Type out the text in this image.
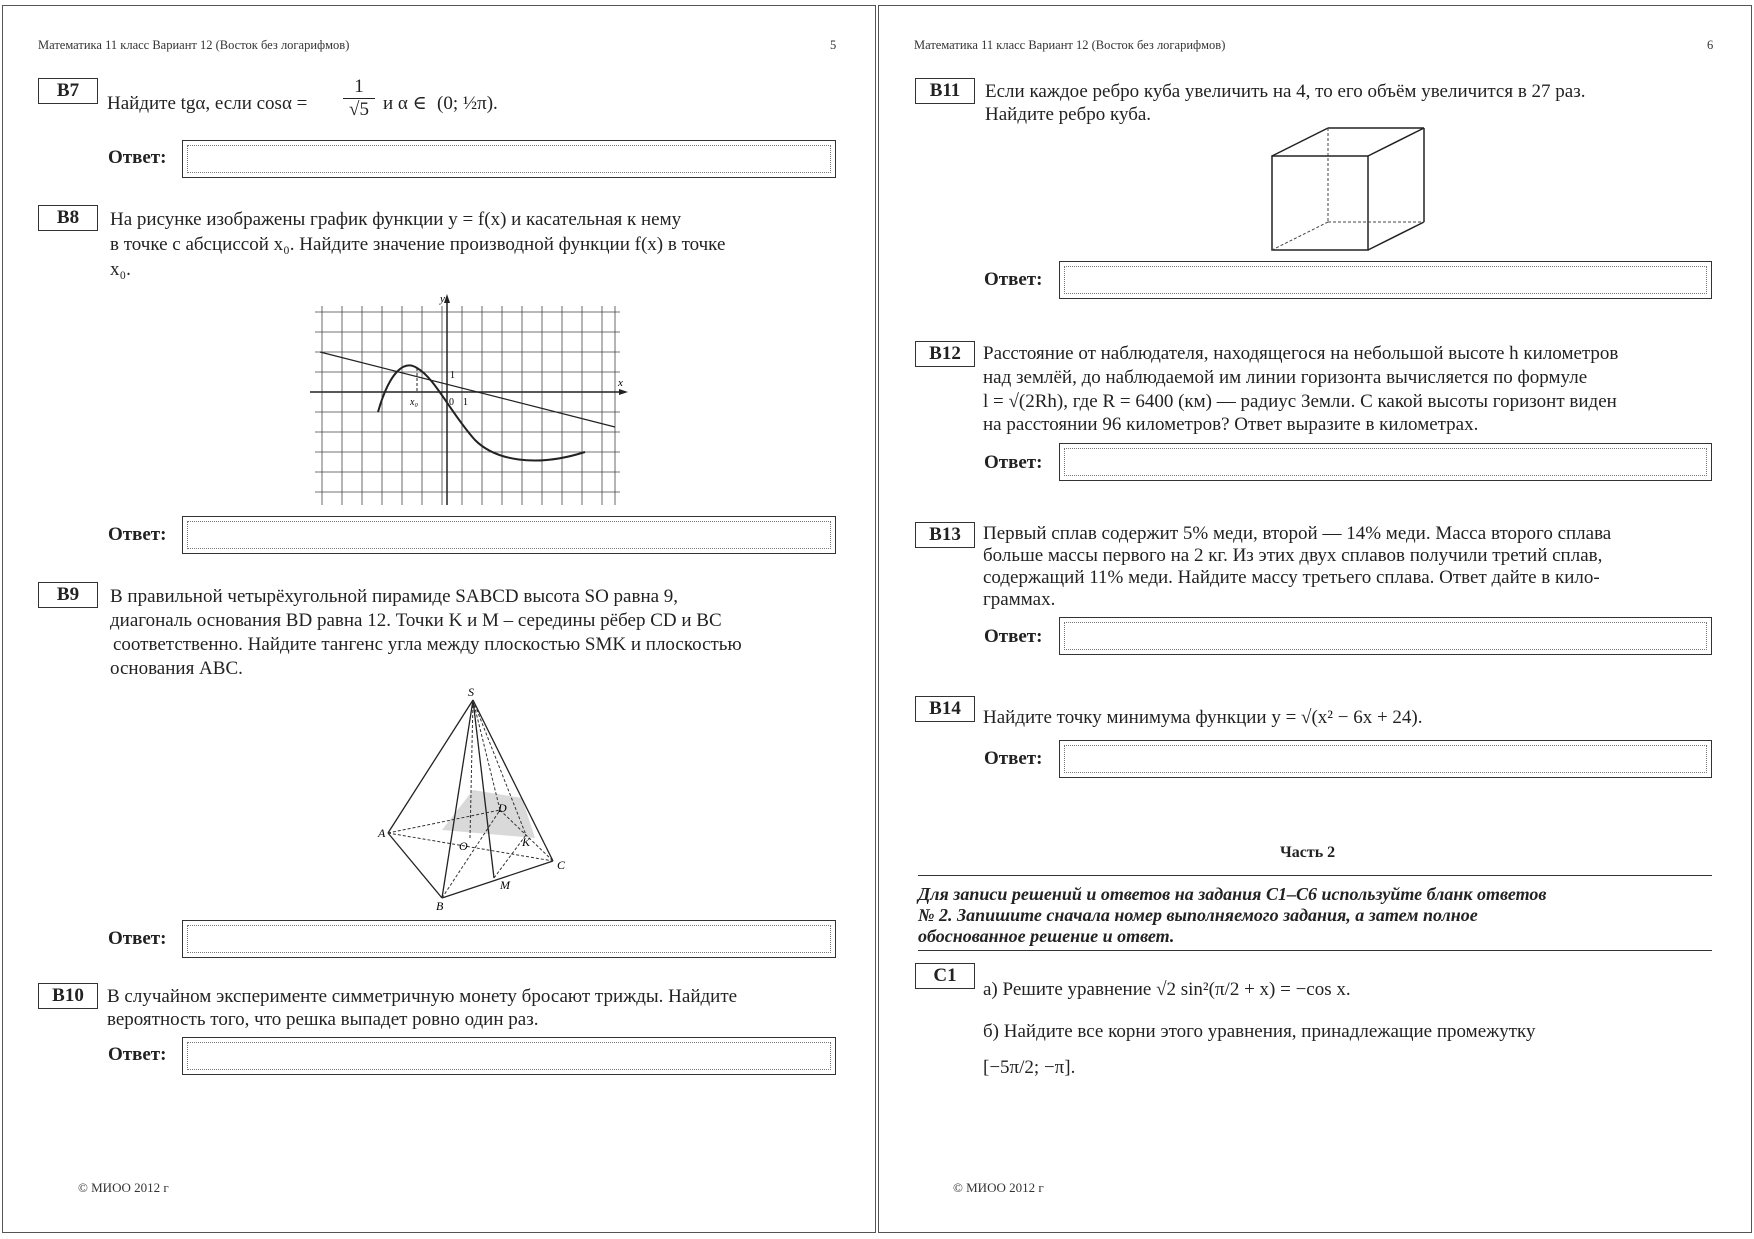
Математика 11 класс Вариант 12 (Восток без логарифмов)	5
B7
Найдите tgα, если $\cos\alpha = \frac{1}{√5}$ и α ∈ (0; ½π).
Ответ:
B8	На рисунке изображены график функции y = f(x) и касательная к нему
в точке с абсциссой x₀. Найдите значение производной функции f(x) в точке
x₀.
y
x
x₀	0 1
1
Ответ:
B9	В правильной четырёхугольной пирамиде SABCD высота SO равна 9,
диагональ основания BD равна 12. Точки K и M – середины рёбер CD и BC
соответственно. Найдите тангенс угла между плоскостью SMK и плоскостью
основания ABC.
S
A
B
C
D
O	K
M
Ответ:
B10	В случайном эксперименте симметричную монету бросают трижды. Найдите
вероятность того, что решка выпадет ровно один раз.
Ответ:
© МИОО 2012 г
Математика 11 класс Вариант 12 (Восток без логарифмов)	6
B11	Если каждое ребро куба увеличить на 4, то его объём увеличится в 27 раз.
Найдите ребро куба.
Ответ:
B12	Расстояние от наблюдателя, находящегося на небольшой высоте h километров
над землёй, до наблюдаемой им линии горизонта вычисляется по формуле
l = √(2Rh), где R = 6400 (км) — радиус Земли. С какой высоты горизонт виден
на расстоянии 96 километров? Ответ выразите в километрах.
Ответ:
B13	Первый сплав содержит 5% меди, второй — 14% меди. Масса второго сплава
больше массы первого на 2 кг. Из этих двух сплавов получили третий сплав,
содержащий 11% меди. Найдите массу третьего сплава. Ответ дайте в кило-
граммах.
Ответ:
B14	Найдите точку минимума функции y = √(x² − 6x + 24).
Ответ:
Часть 2
Для записи решений и ответов на задания С1–С6 используйте бланк ответов
№ 2. Запишите сначала номер выполняемого задания, а затем полное
обоснованное решение и ответ.
C1
а) Решите уравнение √2 sin²(π/2 + x) = −cos x.
б) Найдите все корни этого уравнения, принадлежащие промежутку
[−5π/2; −π].
© МИОО 2012 г
